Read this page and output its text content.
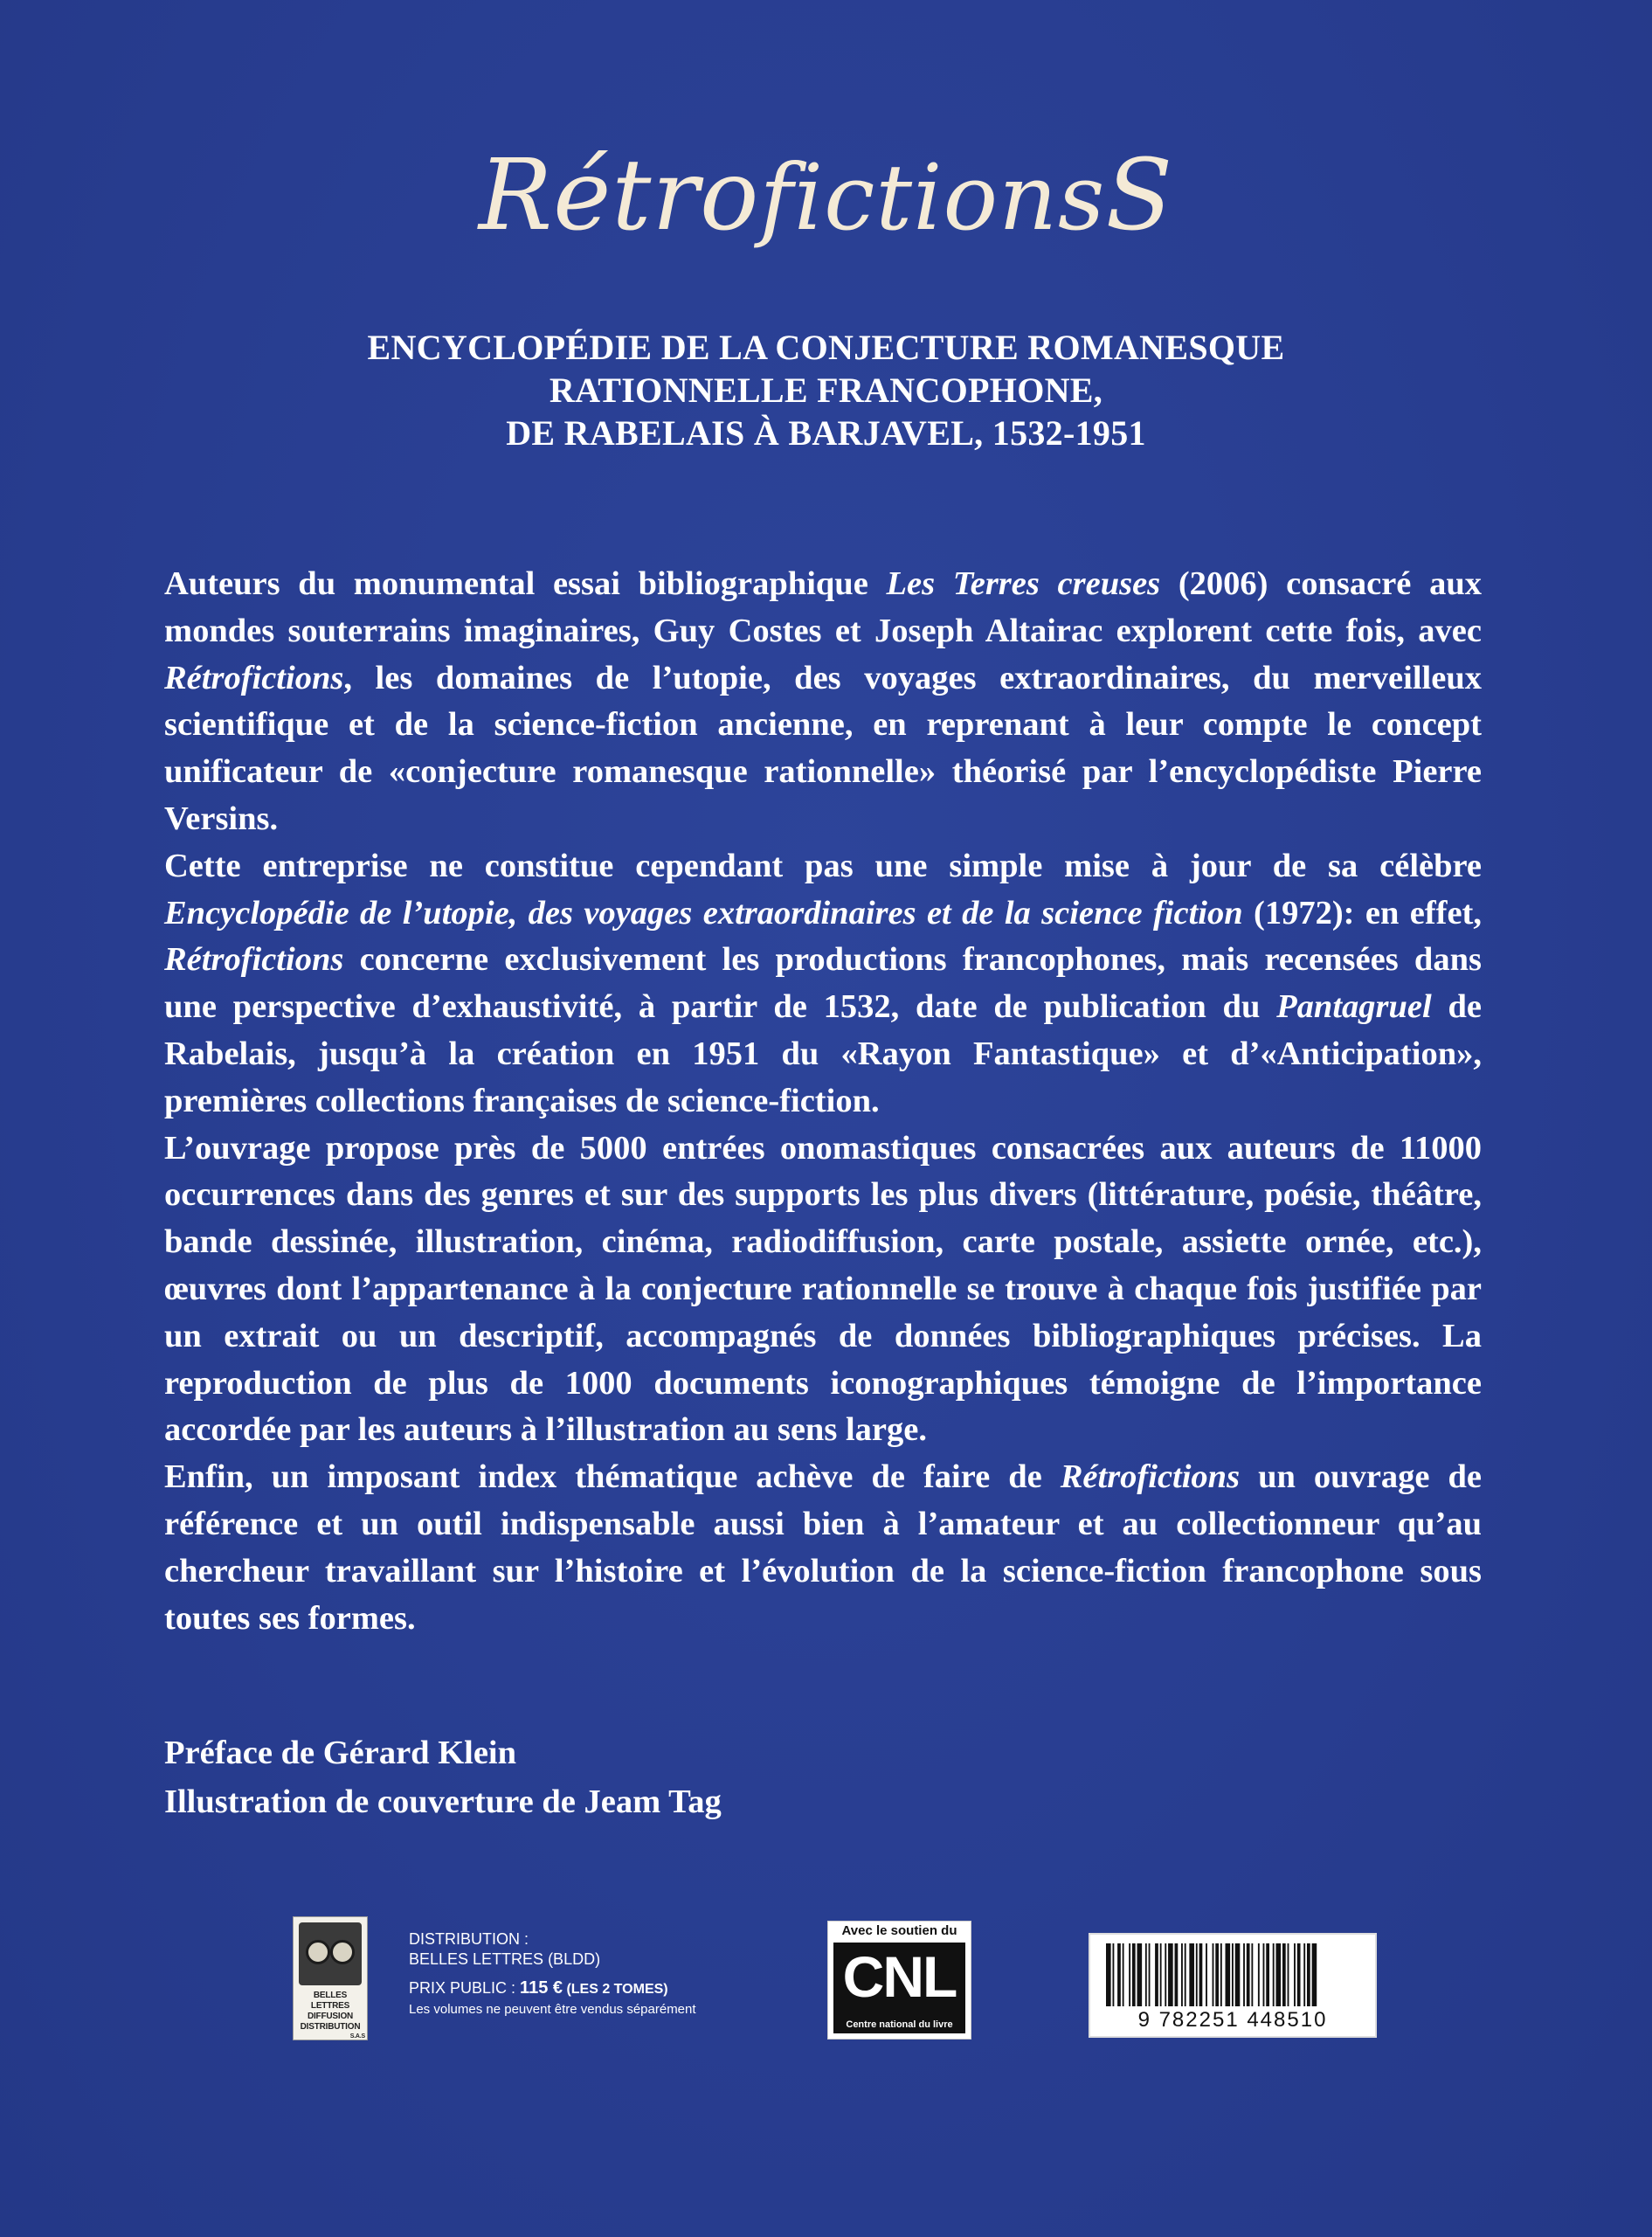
RétrofictionsS
ENCYCLOPÉDIE DE LA CONJECTURE ROMANESQUE
RATIONNELLE FRANCOPHONE,
DE RABELAIS À BARJAVEL, 1532-1951

Auteurs du monumental essai bibliographique Les Terres creuses (2006) consacré aux mondes souterrains imaginaires, Guy Costes et Joseph Altairac explorent cette fois, avec Rétrofictions, les domaines de l’utopie, des voyages extraordinaires, du merveilleux scientifique et de la science-fiction ancienne, en reprenant à leur compte le concept unificateur de «conjecture romanesque rationnelle» théorisé par l’encyclopédiste Pierre Versins.

Cette entreprise ne constitue cependant pas une simple mise à jour de sa célèbre Encyclopédie de l’utopie, des voyages extraordinaires et de la science fiction (1972): en effet, Rétrofictions concerne exclusivement les productions francophones, mais recensées dans une perspective d’exhaustivité, à partir de 1532, date de publication du Pantagruel de Rabelais, jusqu’à la création en 1951 du «Rayon Fantastique» et d’«Anticipation», premières collections françaises de science-fiction.

L’ouvrage propose près de 5000 entrées onomastiques consacrées aux auteurs de 11000 occurrences dans des genres et sur des supports les plus divers (littérature, poésie, théâtre, bande dessinée, illustration, cinéma, radiodiffusion, carte postale, assiette ornée, etc.), œuvres dont l’appartenance à la conjecture rationnelle se trouve à chaque fois justifiée par un extrait ou un descriptif, accompagnés de données bibliographiques précises. La reproduction de plus de 1000 documents iconographiques témoigne de l’importance accordée par les auteurs à l’illustration au sens large.

Enfin, un imposant index thématique achève de faire de Rétrofictions un ouvrage de référence et un outil indispensable aussi bien à l’amateur et au collectionneur qu’au chercheur travaillant sur l’histoire et l’évolution de la science-fiction francophone sous toutes ses formes.

Préface de Gérard Klein
Illustration de couverture de Jeam Tag
BELLES LETTRES
DIFFUSION
DISTRIBUTION
S.A.S
DISTRIBUTION :
BELLES LETTRES (BLDD)
PRIX PUBLIC : 115 € (LES 2 TOMES)
Les volumes ne peuvent être vendus séparément
Avec le soutien du
CNL
Centre national du livre	9 782251 448510
